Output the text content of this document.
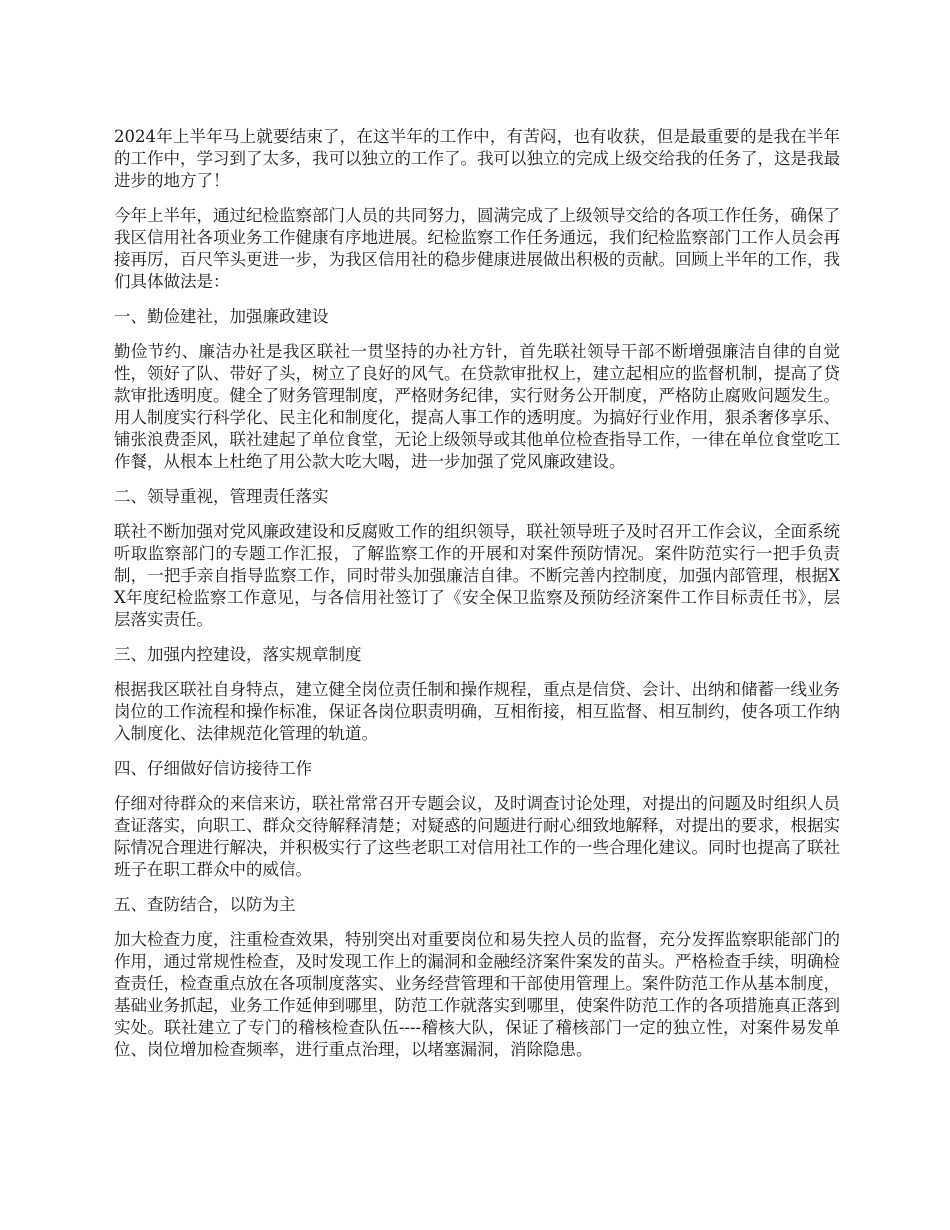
2024年上半年马上就要结束了，在这半年的工作中，有苦闷，也有收获，但是最重要的是我在半年的工作中，学习到了太多，我可以独立的工作了。我可以独立的完成上级交给我的任务了，这是我最进步的地方了！

今年上半年，通过纪检监察部门人员的共同努力，圆满完成了上级领导交给的各项工作任务，确保了我区信用社各项业务工作健康有序地进展。纪检监察工作任务通远，我们纪检监察部门工作人员会再接再厉，百尺竿头更进一步，为我区信用社的稳步健康进展做出积极的贡献。回顾上半年的工作，我们具体做法是：

一、勤俭建社，加强廉政建设

勤俭节约、廉洁办社是我区联社一贯坚持的办社方针，首先联社领导干部不断增强廉洁自律的自觉性，领好了队、带好了头，树立了良好的风气。在贷款审批权上，建立起相应的监督机制，提高了贷款审批透明度。健全了财务管理制度，严格财务纪律，实行财务公开制度，严格防止腐败问题发生。用人制度实行科学化、民主化和制度化，提高人事工作的透明度。为搞好行业作用，狠杀奢侈享乐、铺张浪费歪风，联社建起了单位食堂，无论上级领导或其他单位检查指导工作，一律在单位食堂吃工作餐，从根本上杜绝了用公款大吃大喝，进一步加强了党风廉政建设。

二、领导重视，管理责任落实

联社不断加强对党风廉政建设和反腐败工作的组织领导，联社领导班子及时召开工作会议，全面系统听取监察部门的专题工作汇报，了解监察工作的开展和对案件预防情况。案件防范实行一把手负责制，一把手亲自指导监察工作，同时带头加强廉洁自律。不断完善内控制度，加强内部管理，根据XX年度纪检监察工作意见，与各信用社签订了《安全保卫监察及预防经济案件工作目标责任书》，层层落实责任。

三、加强内控建设，落实规章制度

根据我区联社自身特点，建立健全岗位责任制和操作规程，重点是信贷、会计、出纳和储蓄一线业务岗位的工作流程和操作标准，保证各岗位职责明确，互相衔接，相互监督、相互制约，使各项工作纳入制度化、法律规范化管理的轨道。

四、仔细做好信访接待工作

仔细对待群众的来信来访，联社常常召开专题会议，及时调查讨论处理，对提出的问题及时组织人员查证落实，向职工、群众交待解释清楚；对疑惑的问题进行耐心细致地解释，对提出的要求，根据实际情况合理进行解决，并积极实行了这些老职工对信用社工作的一些合理化建议。同时也提高了联社班子在职工群众中的威信。

五、查防结合，以防为主

加大检查力度，注重检查效果，特别突出对重要岗位和易失控人员的监督，充分发挥监察职能部门的作用，通过常规性检查，及时发现工作上的漏洞和金融经济案件案发的苗头。严格检查手续，明确检查责任，检查重点放在各项制度落实、业务经营管理和干部使用管理上。案件防范工作从基本制度，基础业务抓起，业务工作延伸到哪里，防范工作就落实到哪里，使案件防范工作的各项措施真正落到实处。联社建立了专门的稽核检查队伍----稽核大队，保证了稽核部门一定的独立性，对案件易发单位、岗位增加检查频率，进行重点治理，以堵塞漏洞，消除隐患。
